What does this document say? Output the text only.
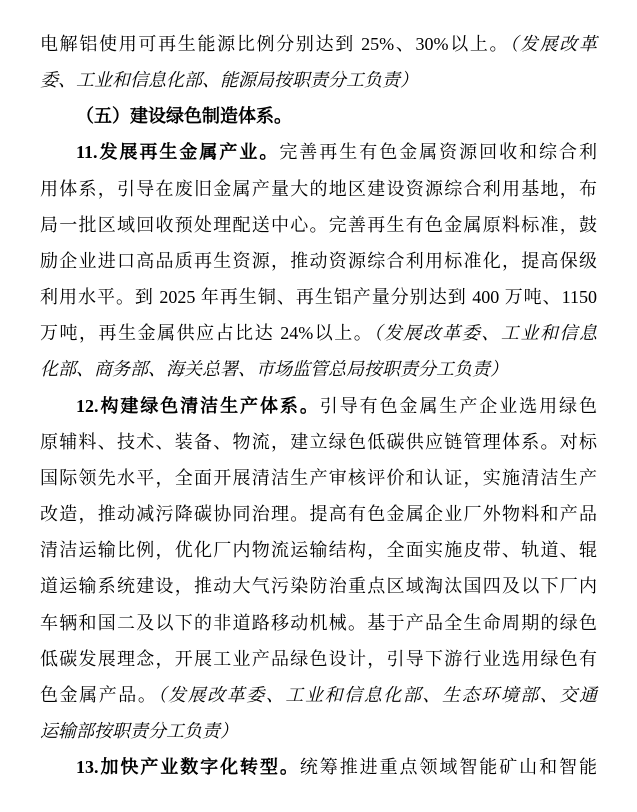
电解铝使用可再生能源比例分别达到 25%、30%以上。（发展改革
委、工业和信息化部、能源局按职责分工负责）
（五）建设绿色制造体系。
11.发展再生金属产业。完善再生有色金属资源回收和综合利
用体系，引导在废旧金属产量大的地区建设资源综合利用基地，布
局一批区域回收预处理配送中心。完善再生有色金属原料标准，鼓
励企业进口高品质再生资源，推动资源综合利用标准化，提高保级
利用水平。到 2025 年再生铜、再生铝产量分别达到 400 万吨、1150
万吨，再生金属供应占比达 24%以上。（发展改革委、工业和信息
化部、商务部、海关总署、市场监管总局按职责分工负责）
12.构建绿色清洁生产体系。引导有色金属生产企业选用绿色
原辅料、技术、装备、物流，建立绿色低碳供应链管理体系。对标
国际领先水平，全面开展清洁生产审核评价和认证，实施清洁生产
改造，推动减污降碳协同治理。提高有色金属企业厂外物料和产品
清洁运输比例，优化厂内物流运输结构，全面实施皮带、轨道、辊
道运输系统建设，推动大气污染防治重点区域淘汰国四及以下厂内
车辆和国二及以下的非道路移动机械。基于产品全生命周期的绿色
低碳发展理念，开展工业产品绿色设计，引导下游行业选用绿色有
色金属产品。（发展改革委、工业和信息化部、生态环境部、交通
运输部按职责分工负责）
13.加快产业数字化转型。统筹推进重点领域智能矿山和智能
